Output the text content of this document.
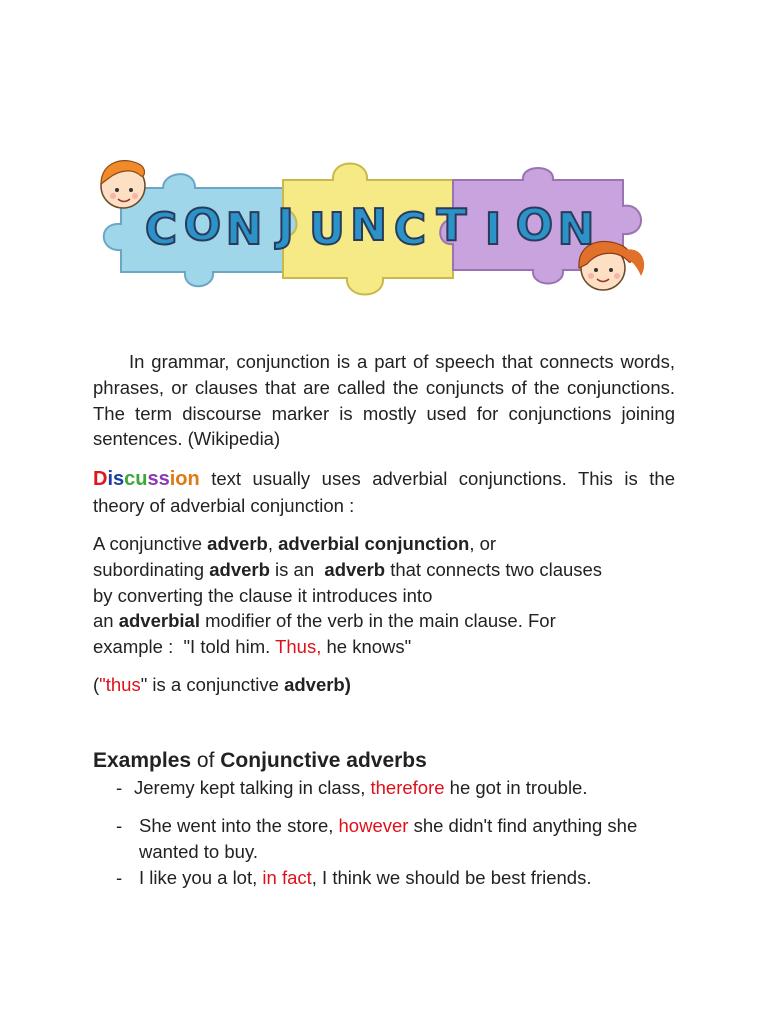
C O N J U N C T I O N

In grammar, conjunction is a part of speech that connects words, phrases, or clauses that are called the conjuncts of the conjunctions. The term discourse marker is mostly used for conjunctions joining sentences. (Wikipedia)

Discussion text usually uses adverbial conjunctions. This is the theory of adverbial conjunction :

A conjunctive adverb, adverbial conjunction, or
subordinating adverb is an  adverb that connects two clauses
by converting the clause it introduces into
an adverbial modifier of the verb in the main clause. For
example :  "I told him. Thus, he knows"

("thus" is a conjunctive adverb)

Examples of Conjunctive adverbs

- Jeremy kept talking in class, therefore he got in trouble.

- She went into the store, however she didn't find anything she wanted to buy.

- I like you a lot, in fact, I think we should be best friends.
